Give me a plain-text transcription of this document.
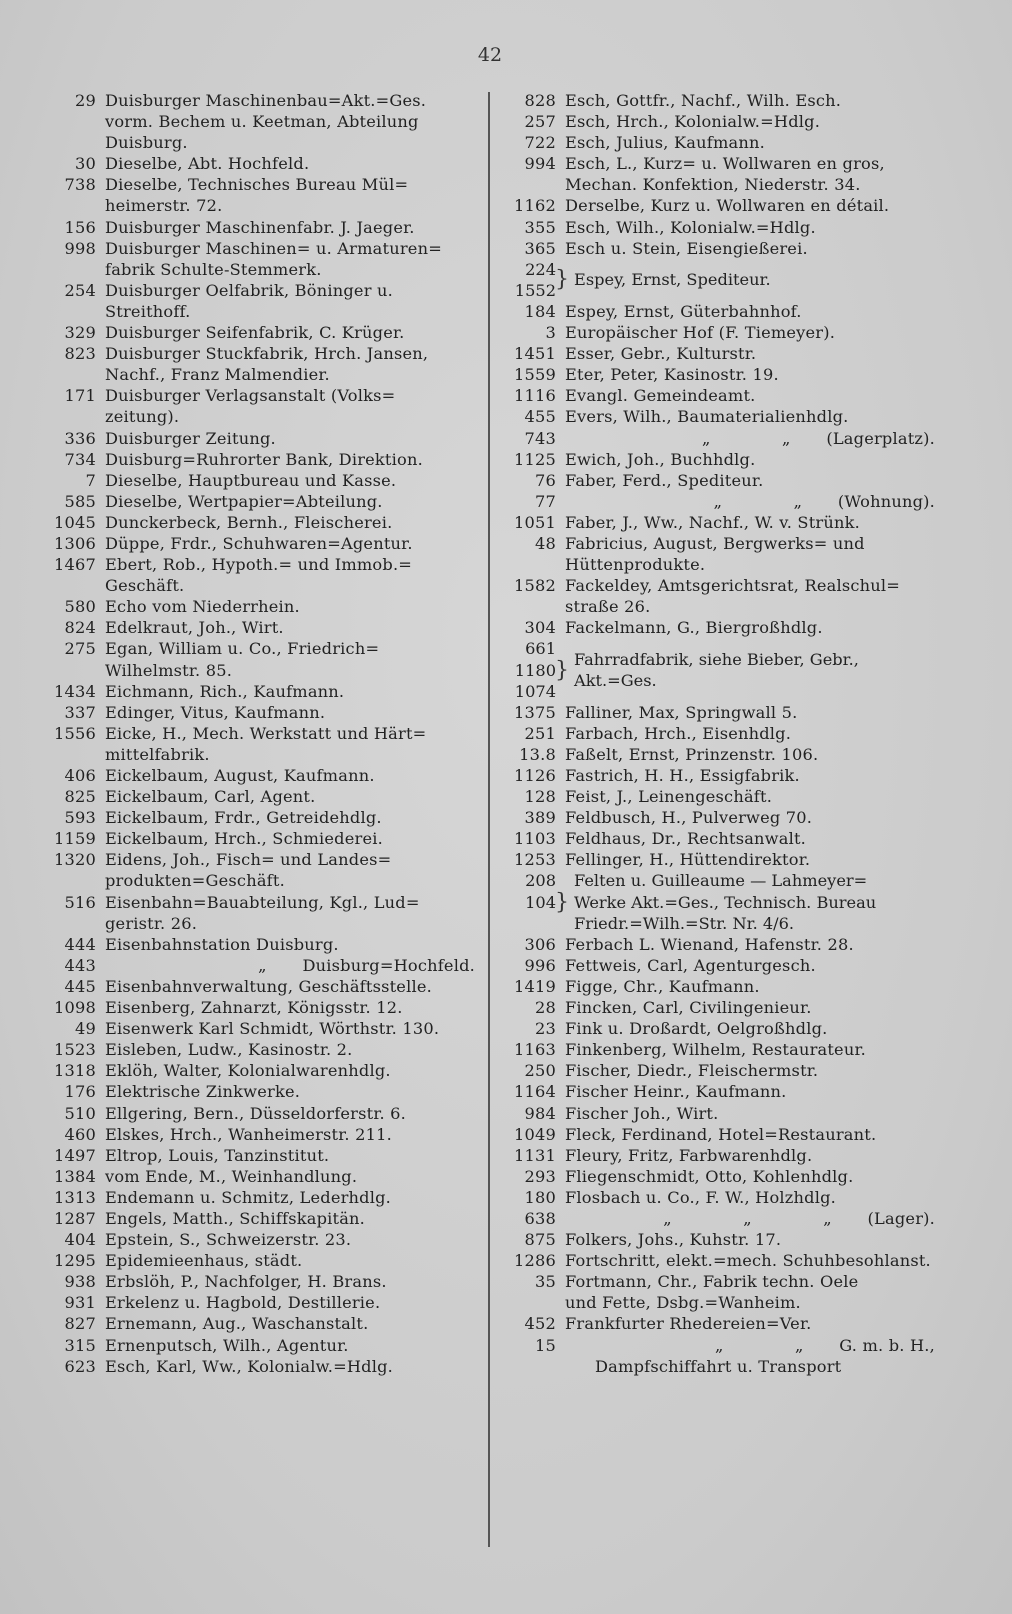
42
29 Duisburger Maschinenbau=Akt.=Ges.
vorm. Bechem u. Keetman, Abteilung
Duisburg.
30 Dieselbe, Abt. Hochfeld.
738 Dieselbe, Technisches Bureau Mül=
heimerstr. 72.
156 Duisburger Maschinenfabr. J. Jaeger.
998 Duisburger Maschinen= u. Armaturen=
fabrik Schulte-Stemmerk.
254 Duisburger Oelfabrik, Böninger u.
Streithoff.
329 Duisburger Seifenfabrik, C. Krüger.
823 Duisburger Stuckfabrik, Hrch. Jansen,
Nachf., Franz Malmendier.
171 Duisburger Verlagsanstalt (Volks=
zeitung).
336 Duisburger Zeitung.
734 Duisburg=Ruhrorter Bank, Direktion.
7 Dieselbe, Hauptbureau und Kasse.
585 Dieselbe, Wertpapier=Abteilung.
1045 Dunckerbeck, Bernh., Fleischerei.
1306 Düppe, Frdr., Schuhwaren=Agentur.
1467 Ebert, Rob., Hypoth.= und Immob.=
Geschäft.
580 Echo vom Niederrhein.
824 Edelkraut, Joh., Wirt.
275 Egan, William u. Co., Friedrich=
Wilhelmstr. 85.
1434 Eichmann, Rich., Kaufmann.
337 Edinger, Vitus, Kaufmann.
1556 Eicke, H., Mech. Werkstatt und Härt=
mittelfabrik.
406 Eickelbaum, August, Kaufmann.
825 Eickelbaum, Carl, Agent.
593 Eickelbaum, Frdr., Getreidehdlg.
1159 Eickelbaum, Hrch., Schmiederei.
1320 Eidens, Joh., Fisch= und Landes=
produkten=Geschäft.
516 Eisenbahn=Bauabteilung, Kgl., Lud=
geristr. 26.
444 Eisenbahnstation Duisburg.
443	„ Duisburg=Hochfeld.
445 Eisenbahnverwaltung, Geschäftsstelle.
1098 Eisenberg, Zahnarzt, Königsstr. 12.
49 Eisenwerk Karl Schmidt, Wörthstr. 130.
1523 Eisleben, Ludw., Kasinostr. 2.
1318 Eklöh, Walter, Kolonialwarenhdlg.
176 Elektrische Zinkwerke.
510 Ellgering, Bern., Düsseldorferstr. 6.
460 Elskes, Hrch., Wanheimerstr. 211.
1497 Eltrop, Louis, Tanzinstitut.
1384 vom Ende, M., Weinhandlung.
1313 Endemann u. Schmitz, Lederhdlg.
1287 Engels, Matth., Schiffskapitän.
404 Epstein, S., Schweizerstr. 23.
1295 Epidemieenhaus, städt.
938 Erbslöh, P., Nachfolger, H. Brans.
931 Erkelenz u. Hagbold, Destillerie.
827 Ernemann, Aug., Waschanstalt.
315 Ernenputsch, Wilh., Agentur.
623 Esch, Karl, Ww., Kolonialw.=Hdlg.
828 Esch, Gottfr., Nachf., Wilh. Esch.
257 Esch, Hrch., Kolonialw.=Hdlg.
722 Esch, Julius, Kaufmann.
994 Esch, L., Kurz= u. Wollwaren en gros,
Mechan. Konfektion, Niederstr. 34.
1162 Derselbe, Kurz u. Wollwaren en détail.
355 Esch, Wilh., Kolonialw.=Hdlg.
365 Esch u. Stein, Eisengießerei.
224
1552 } Espey, Ernst, Spediteur.
184 Espey, Ernst, Güterbahnhof.
3 Europäischer Hof (F. Tiemeyer).
1451 Esser, Gebr., Kulturstr.
1559 Eter, Peter, Kasinostr. 19.
1116 Evangl. Gemeindeamt.
455 Evers, Wilh., Baumaterialienhdlg.
743	„	„ (Lagerplatz).
1125 Ewich, Joh., Buchhdlg.
76 Faber, Ferd., Spediteur.
77	„	„ (Wohnung).
1051 Faber, J., Ww., Nachf., W. v. Strünk.
48 Fabricius, August, Bergwerks= und
Hüttenprodukte.
1582 Fackeldey, Amtsgerichtsrat, Realschul=
straße 26.
304 Fackelmann, G., Biergroßhdlg.
661
1180
1074
} Fahrradfabrik, siehe Bieber, Gebr.,
Akt.=Ges.
1375 Falliner, Max, Springwall 5.
251 Farbach, Hrch., Eisenhdlg.
13.8 Faßelt, Ernst, Prinzenstr. 106.
1126 Fastrich, H. H., Essigfabrik.
128 Feist, J., Leinengeschäft.
389 Feldbusch, H., Pulverweg 70.
1103 Feldhaus, Dr., Rechtsanwalt.
1253 Fellinger, H., Hüttendirektor.
208
104 }
Felten u. Guilleaume — Lahmeyer=
Werke Akt.=Ges., Technisch. Bureau
Friedr.=Wilh.=Str. Nr. 4/6.
306 Ferbach L. Wienand, Hafenstr. 28.
996 Fettweis, Carl, Agenturgesch.
1419 Figge, Chr., Kaufmann.
28 Fincken, Carl, Civilingenieur.
23 Fink u. Droßardt, Oelgroßhdlg.
1163 Finkenberg, Wilhelm, Restaurateur.
250 Fischer, Diedr., Fleischermstr.
1164 Fischer Heinr., Kaufmann.
984 Fischer Joh., Wirt.
1049 Fleck, Ferdinand, Hotel=Restaurant.
1131 Fleury, Fritz, Farbwarenhdlg.
293 Fliegenschmidt, Otto, Kohlenhdlg.
180 Flosbach u. Co., F. W., Holzhdlg.
638	„	„	„ (Lager).
875 Folkers, Johs., Kuhstr. 17.
1286 Fortschritt, elekt.=mech. Schuhbesohlanst.
35 Fortmann, Chr., Fabrik techn. Oele
und Fette, Dsbg.=Wanheim.
452 Frankfurter Rhedereien=Ver.
15	„	„ G. m. b. H.,
Dampfschiffahrt u. Transport
